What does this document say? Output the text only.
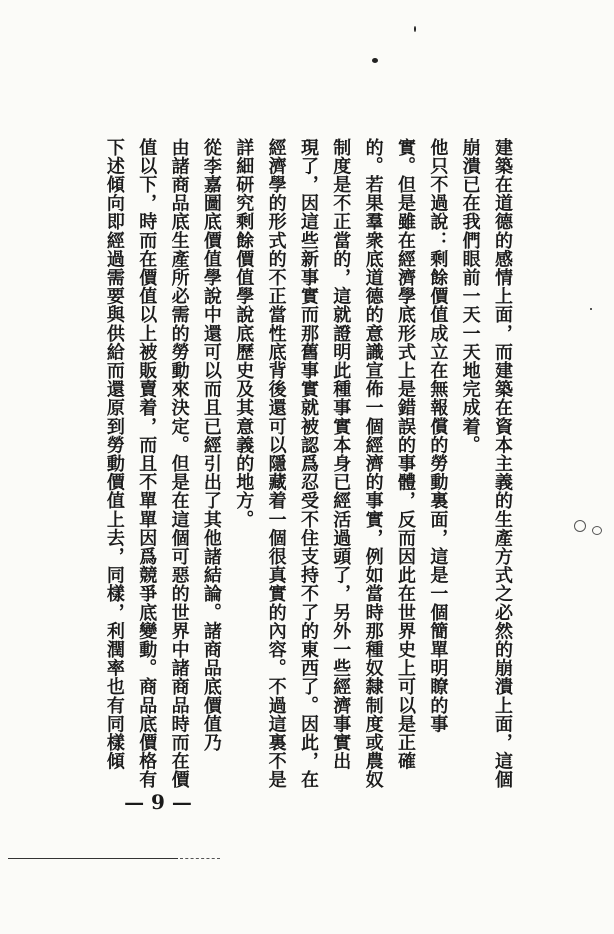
建築在道德的感情上面，而建築在資本主義的生產方式之必然的崩潰上面，這個
崩潰已在我們眼前一天一天地完成着。
他只不過說：剩餘價值成立在無報償的勞動裏面，這是一個簡單明瞭的事
實。但是雖在經濟學底形式上是錯誤的事體，反而因此在世界史上可以是正確
的。若果羣衆底道德的意識宣佈一個經濟的事實，例如當時那種奴隸制度或農奴
制度是不正當的，這就證明此種事實本身已經活過頭了，另外一些經濟事實出
現了，因這些新事實而那舊事實就被認爲忍受不住支持不了的東西了。因此，在
經濟學的形式的不正當性底背後還可以隱藏着一個很真實的內容。不過這裏不是
詳細研究剩餘價值學說底歷史及其意義的地方。
從李嘉圖底價值學說中還可以而且已經引出了其他諸結論。諸商品底價值乃
由諸商品底生產所必需的勞動來決定。但是在這個可惡的世界中諸商品時而在價
值以下，時而在價值以上被販賣着，而且不單單因爲競爭底變動。商品底價格有
下述傾向即經過需要與供給而還原到勞動價值上去，同樣，利潤率也有同樣傾
— 9 —
